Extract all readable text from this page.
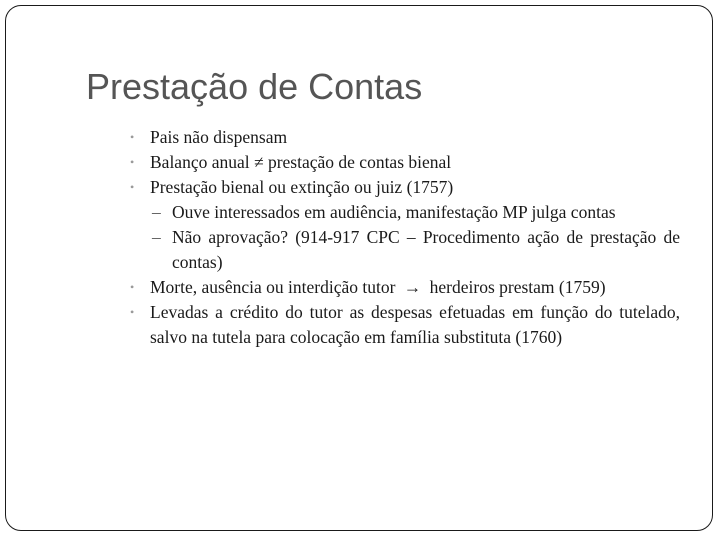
Prestação de Contas
• Pais não dispensam
• Balanço anual ≠ prestação de contas bienal
• Prestação bienal ou extinção ou juiz (1757)
– Ouve interessados em audiência, manifestação MP julga contas
– Não aprovação? (914-917 CPC – Procedimento ação de prestação de contas)
• Morte, ausência ou interdição tutor → herdeiros prestam (1759)
• Levadas a crédito do tutor as despesas efetuadas em função do tutelado, salvo na tutela para colocação em família substituta (1760)
